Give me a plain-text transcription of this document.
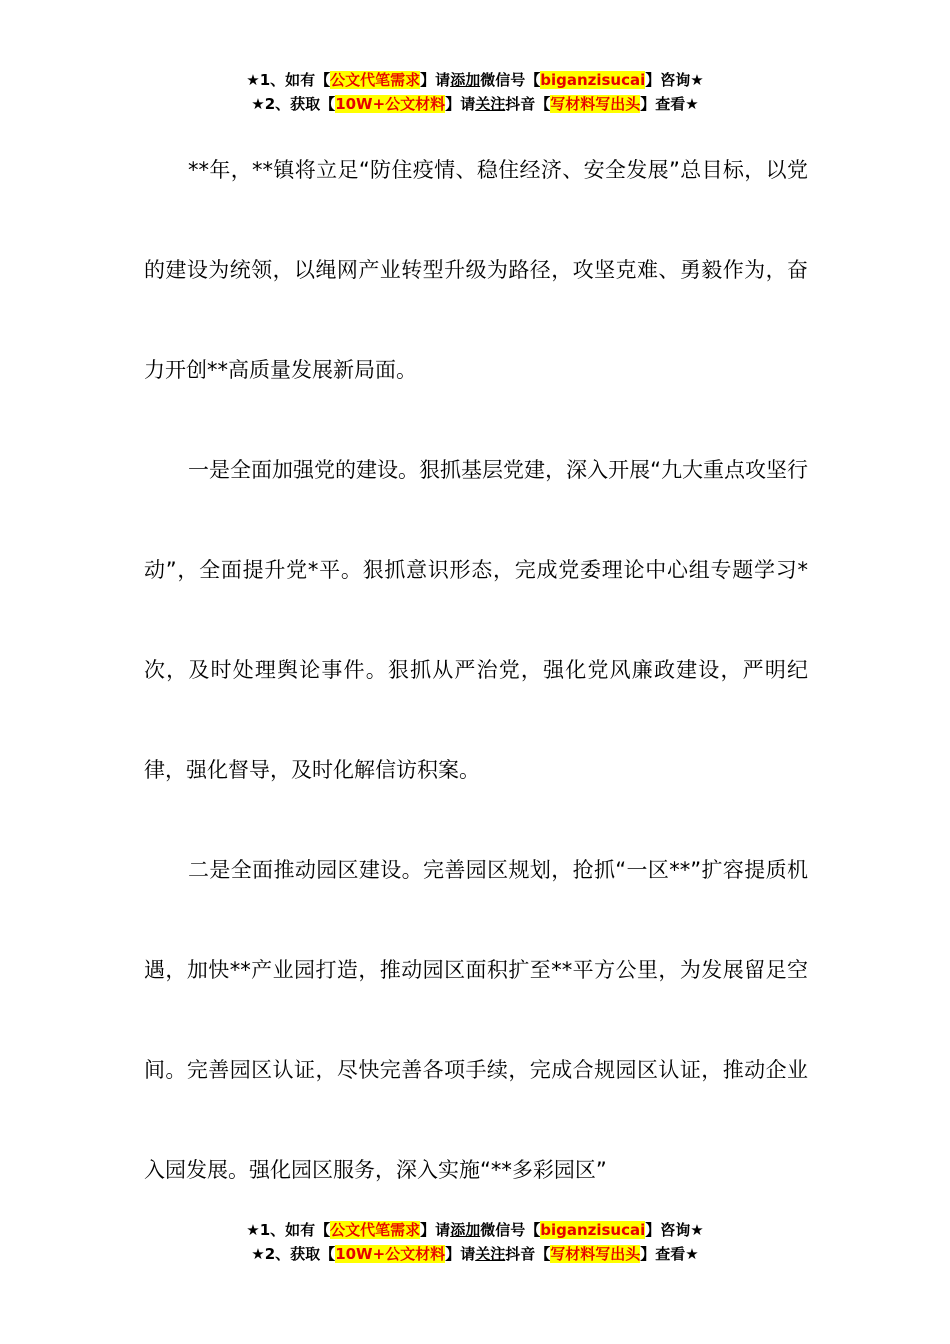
★1、如有【公文代笔需求】请添加微信号【biganzisucai】咨询★
★2、获取【10W+公文材料】请关注抖音【写材料写出头】查看★

**年，**镇将立足“防住疫情、稳住经济、安全发展”总目标，以党的建设为统领，以绳网产业转型升级为路径，攻坚克难、勇毅作为，奋力开创**高质量发展新局面。

一是全面加强党的建设。狠抓基层党建，深入开展“九大重点攻坚行动”，全面提升党*平。狠抓意识形态，完成党委理论中心组专题学习*次，及时处理舆论事件。狠抓从严治党，强化党风廉政建设，严明纪律，强化督导，及时化解信访积案。

二是全面推动园区建设。完善园区规划，抢抓“一区**”扩容提质机遇，加快**产业园打造，推动园区面积扩至**平方公里，为发展留足空间。完善园区认证，尽快完善各项手续，完成合规园区认证，推动企业入园发展。强化园区服务，深入实施“**多彩园区”

★1、如有【公文代笔需求】请添加微信号【biganzisucai】咨询★
★2、获取【10W+公文材料】请关注抖音【写材料写出头】查看★
